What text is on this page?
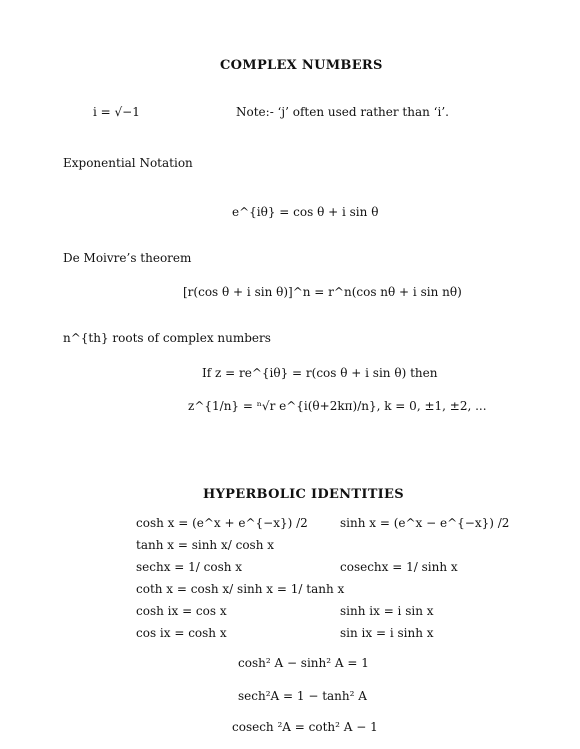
COMPLEX NUMBERS
i = √−1	Note:- ‘j’ often used rather than ‘i’.
Exponential Notation
e^{iθ} = cos θ + i sin θ
De Moivre’s theorem
[r(cos θ + i sin θ)]^n = r^n(cos nθ + i sin nθ)
n^{th} roots of complex numbers
If z = re^{iθ} = r(cos θ + i sin θ) then
z^{1/n} = ⁿ√r e^{i(θ+2kπ)/n}, k = 0, ±1, ±2, ...
HYPERBOLIC IDENTITIES
cosh x = (e^x + e^{−x}) /2	sinh x = (e^x − e^{−x}) /2
tanh x = sinh x/ cosh x
sechx = 1/ cosh x	cosechx = 1/ sinh x
coth x = cosh x/ sinh x = 1/ tanh x
cosh ix = cos x	sinh ix = i sin x
cos ix = cosh x	sin ix = i sinh x
cosh² A − sinh² A = 1
sech²A = 1 − tanh² A
cosech ²A = coth² A − 1
